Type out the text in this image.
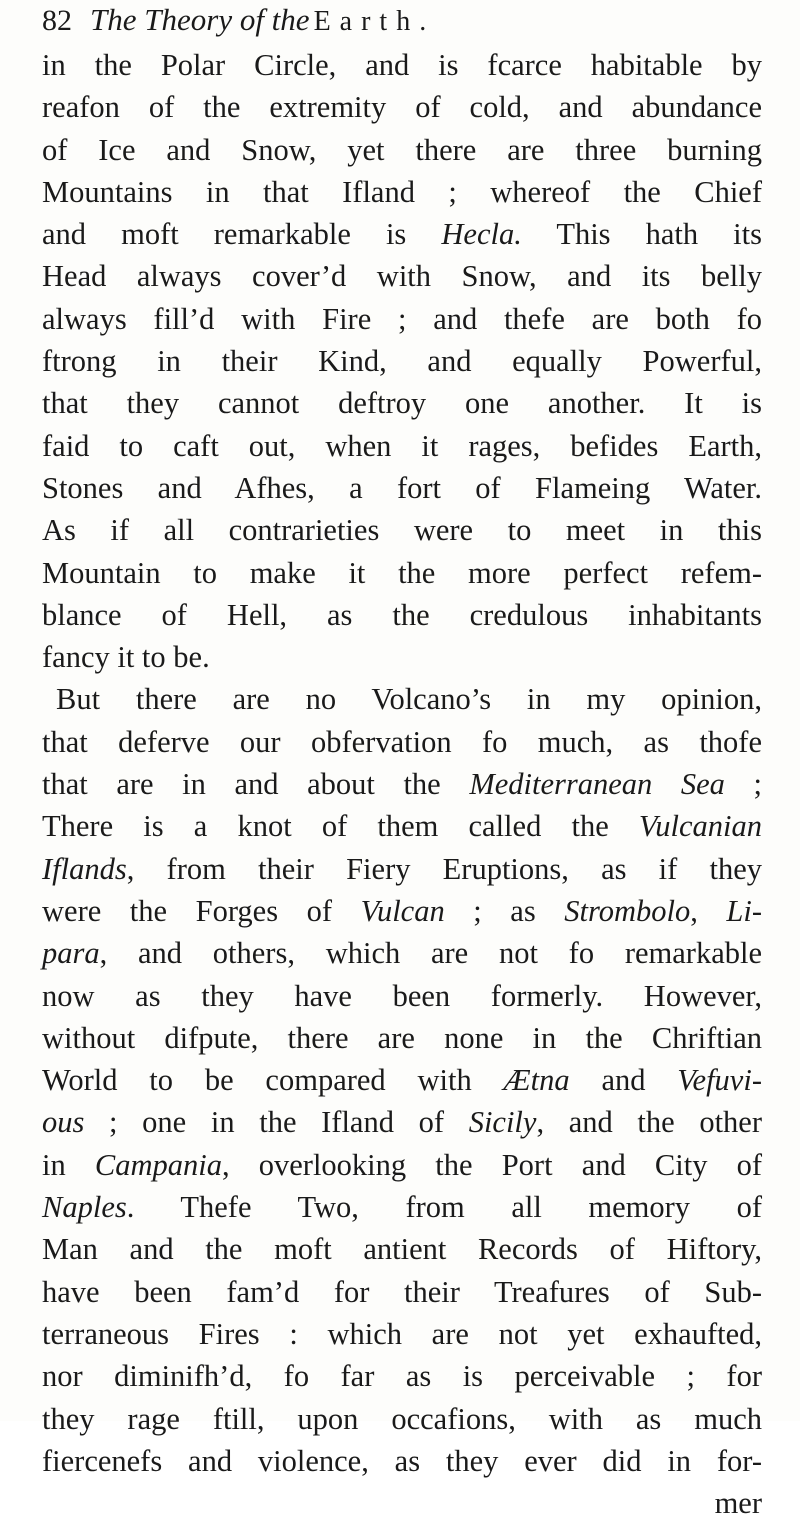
82 The Theory of the Earth.
in the Polar Circle, and is fcarce habitable by
reafon of the extremity of cold, and abundance
of Ice and Snow, yet there are three burning
Mountains in that Ifland ; whereof the Chief
and moft remarkable is Hecla. This hath its
Head always cover’d with Snow, and its belly
always fill’d with Fire ; and thefe are both fo
ftrong in their Kind, and equally Powerful,
that they cannot deftroy one another. It is
faid to caft out, when it rages, befides Earth,
Stones and Afhes, a fort of Flameing Water.
As if all contrarieties were to meet in this
Mountain to make it the more perfect refem-
blance of Hell, as the credulous inhabitants
fancy it to be.
But there are no Volcano’s in my opinion,
that deferve our obfervation fo much, as thofe
that are in and about the Mediterranean Sea ;
There is a knot of them called the Vulcanian
Iflands, from their Fiery Eruptions, as if they
were the Forges of Vulcan ; as Strombolo, Li-
para, and others, which are not fo remarkable
now as they have been formerly. However,
without difpute, there are none in the Chriftian
World to be compared with Ætna and Vefuvi-
ous ; one in the Ifland of Sicily, and the other
in Campania, overlooking the Port and City of
Naples. Thefe Two, from all memory of
Man and the moft antient Records of Hiftory,
have been fam’d for their Treafures of Sub-
terraneous Fires : which are not yet exhaufted,
nor diminifh’d, fo far as is perceivable ; for
they rage ftill, upon occafions, with as much
fiercenefs and violence, as they ever did in for-
mer
